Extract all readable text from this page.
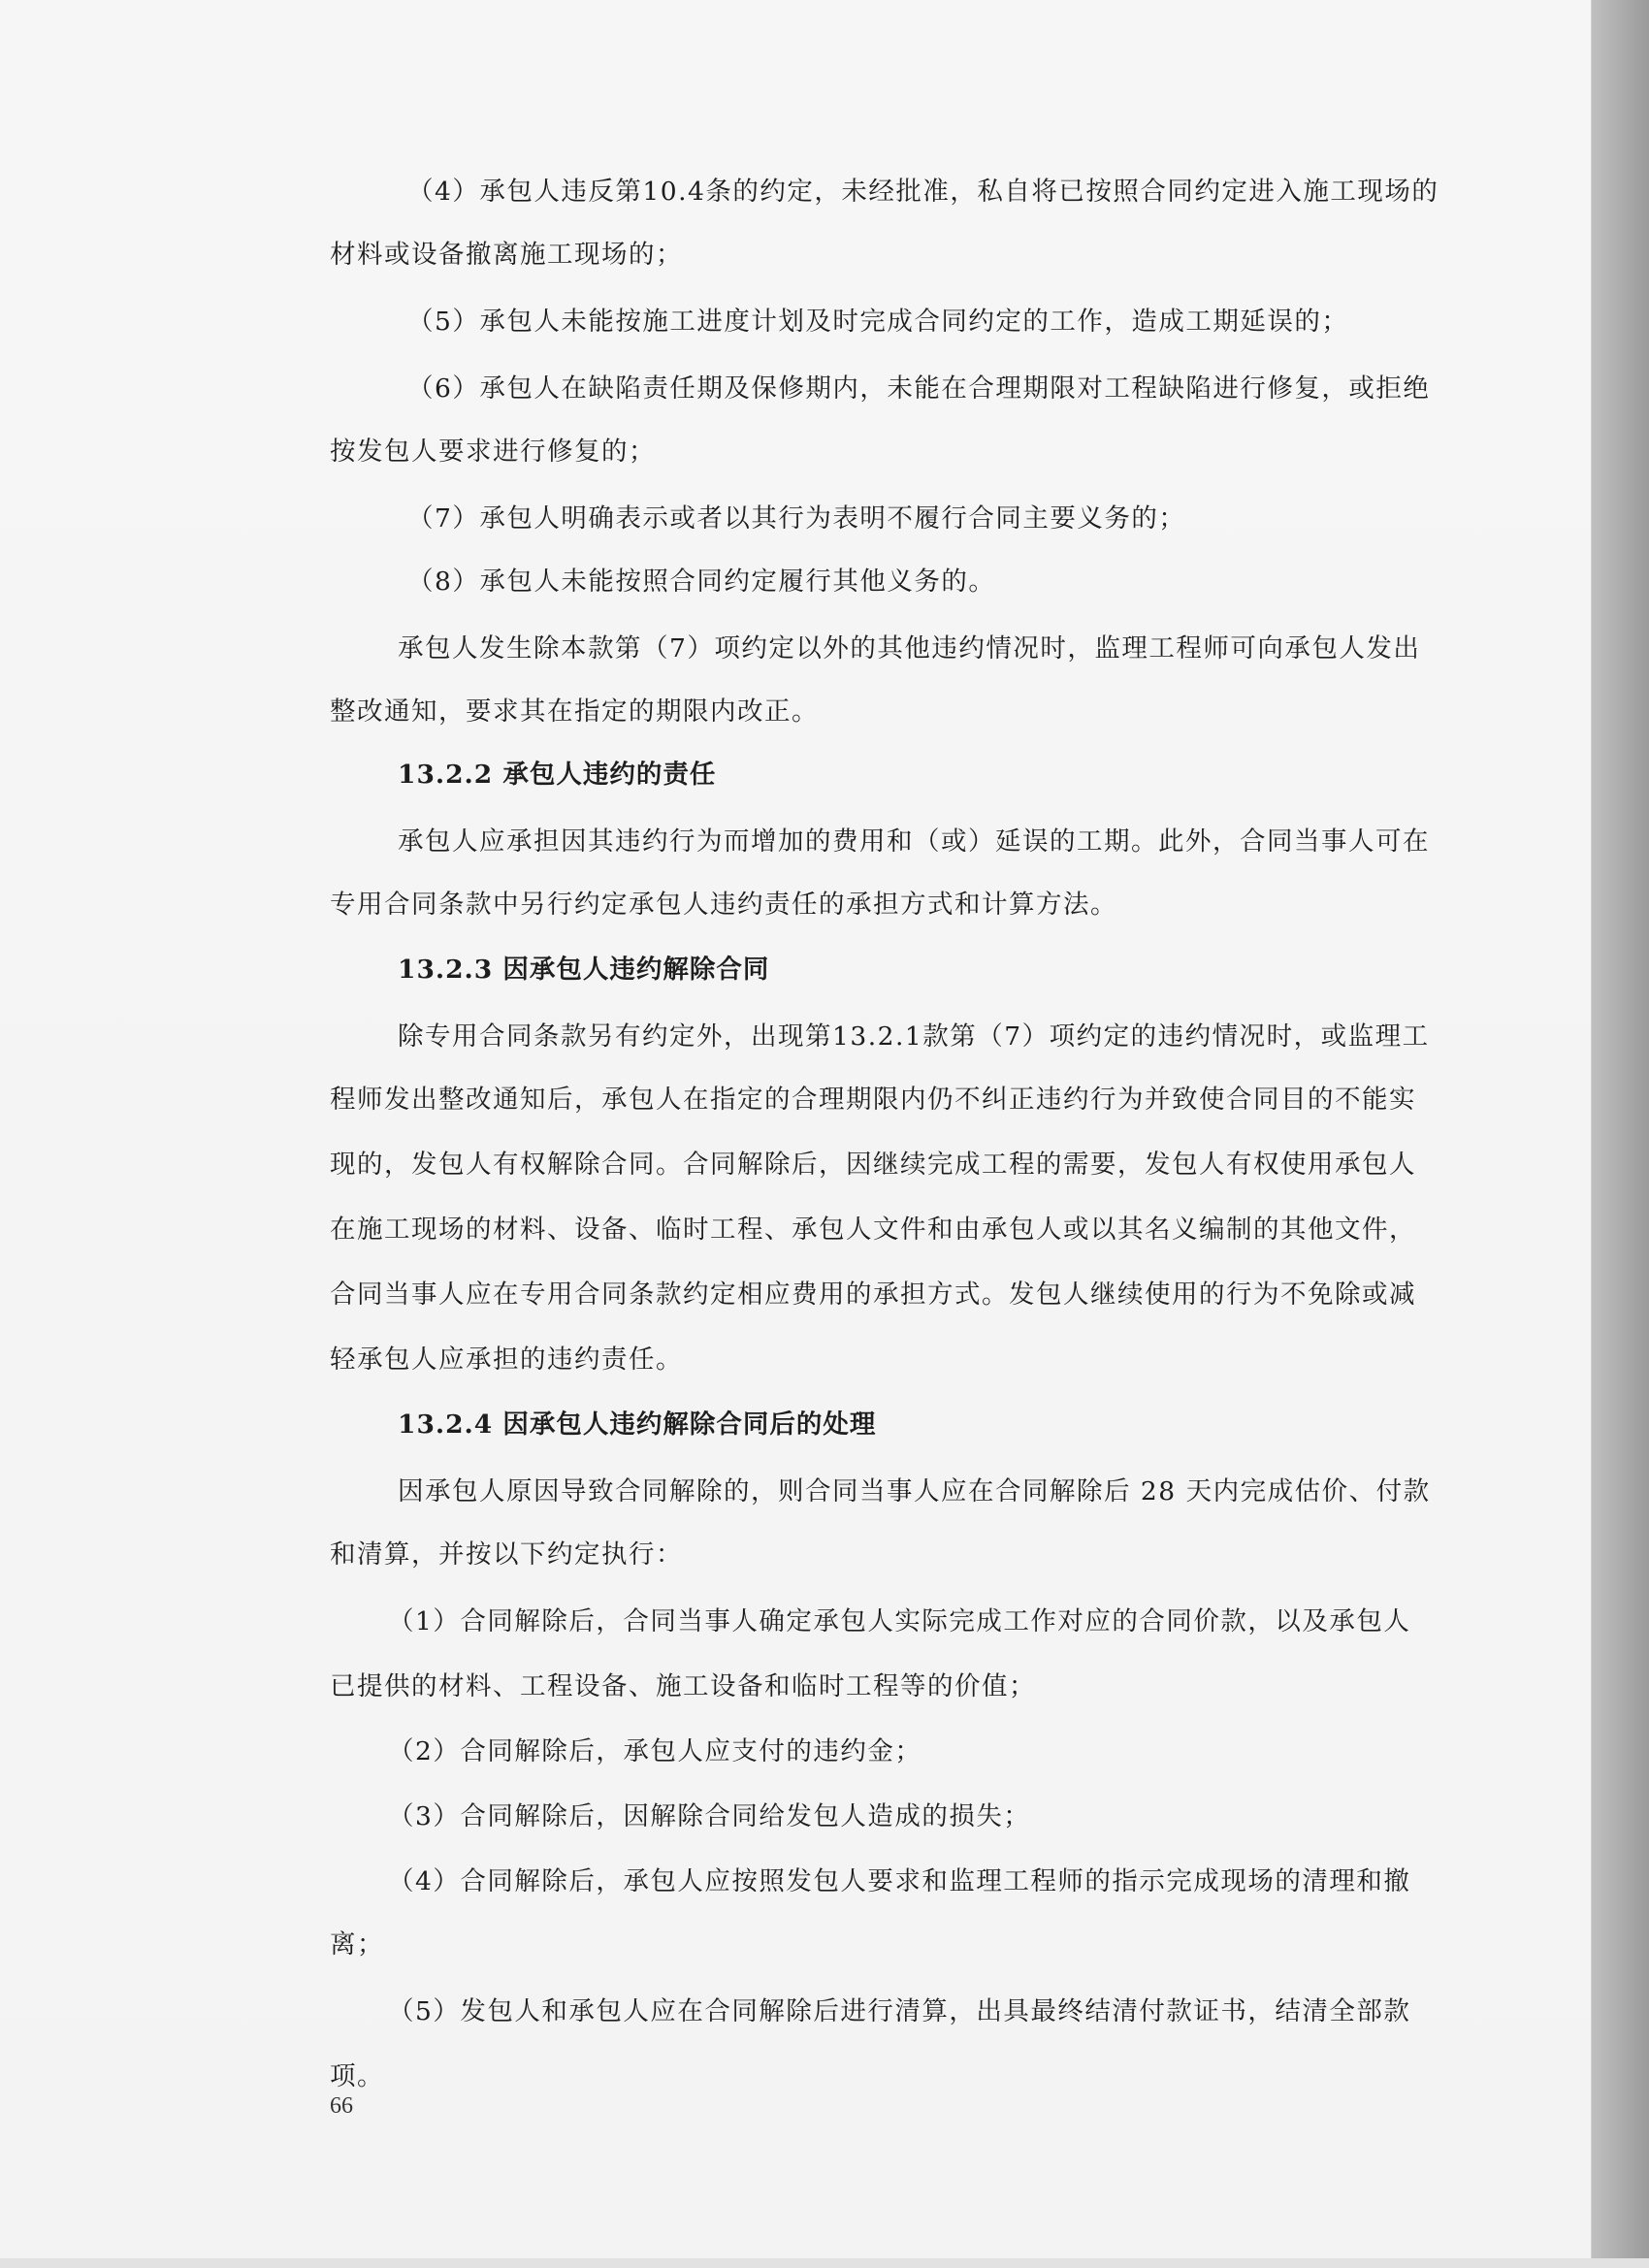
（4）承包人违反第10.4条的约定，未经批准，私自将已按照合同约定进入施工现场的
材料或设备撤离施工现场的；
（5）承包人未能按施工进度计划及时完成合同约定的工作，造成工期延误的；
（6）承包人在缺陷责任期及保修期内，未能在合理期限对工程缺陷进行修复，或拒绝
按发包人要求进行修复的；
（7）承包人明确表示或者以其行为表明不履行合同主要义务的；
（8）承包人未能按照合同约定履行其他义务的。
承包人发生除本款第（7）项约定以外的其他违约情况时，监理工程师可向承包人发出
整改通知，要求其在指定的期限内改正。
13.2.2 承包人违约的责任
承包人应承担因其违约行为而增加的费用和（或）延误的工期。此外，合同当事人可在
专用合同条款中另行约定承包人违约责任的承担方式和计算方法。
13.2.3 因承包人违约解除合同
除专用合同条款另有约定外，出现第13.2.1款第（7）项约定的违约情况时，或监理工
程师发出整改通知后，承包人在指定的合理期限内仍不纠正违约行为并致使合同目的不能实
现的，发包人有权解除合同。合同解除后，因继续完成工程的需要，发包人有权使用承包人
在施工现场的材料、设备、临时工程、承包人文件和由承包人或以其名义编制的其他文件，
合同当事人应在专用合同条款约定相应费用的承担方式。发包人继续使用的行为不免除或减
轻承包人应承担的违约责任。
13.2.4 因承包人违约解除合同后的处理
因承包人原因导致合同解除的，则合同当事人应在合同解除后 28 天内完成估价、付款
和清算，并按以下约定执行：
（1）合同解除后，合同当事人确定承包人实际完成工作对应的合同价款，以及承包人
已提供的材料、工程设备、施工设备和临时工程等的价值；
（2）合同解除后，承包人应支付的违约金；
（3）合同解除后，因解除合同给发包人造成的损失；
（4）合同解除后，承包人应按照发包人要求和监理工程师的指示完成现场的清理和撤
离；
（5）发包人和承包人应在合同解除后进行清算，出具最终结清付款证书，结清全部款
项。
66
